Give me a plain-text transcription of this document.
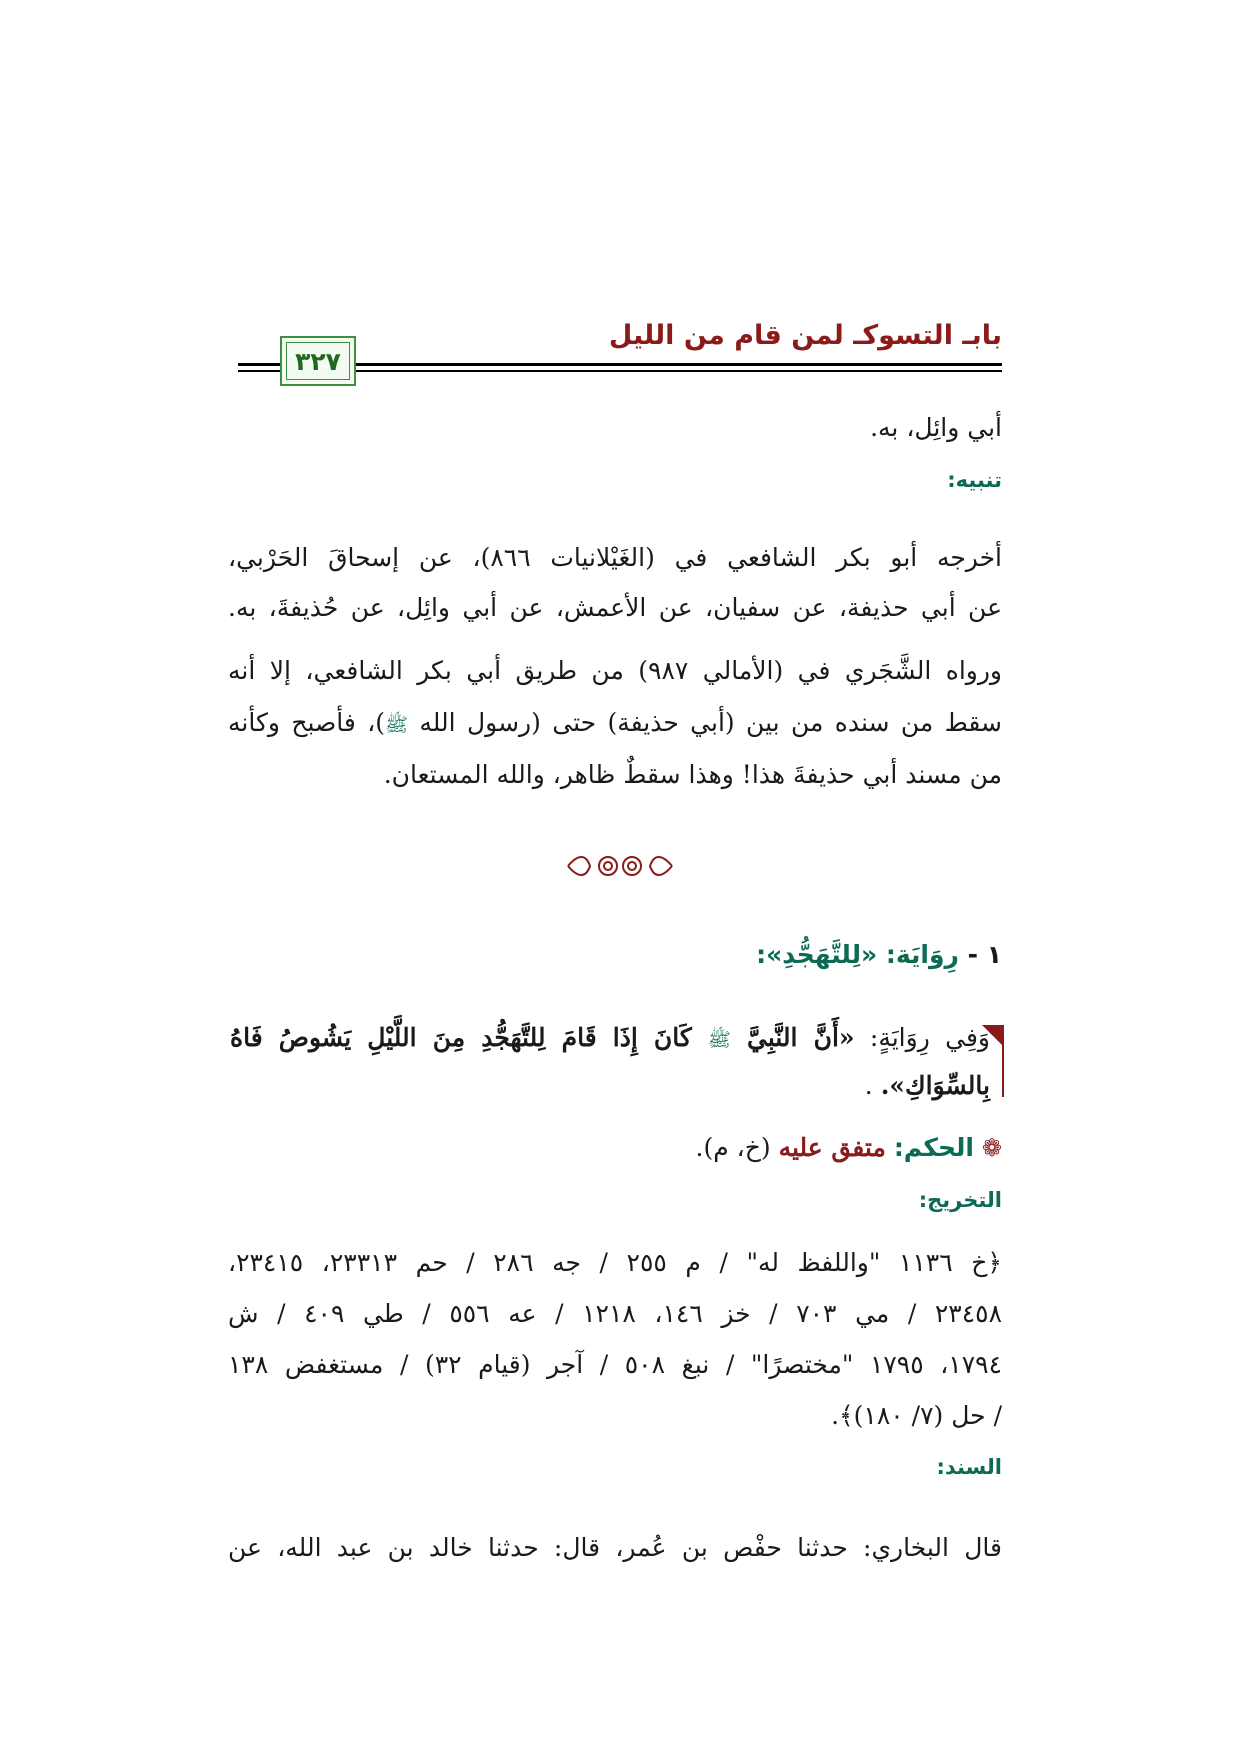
بابـ التسوكـ لمن قام من الليل
٣٢٧
أبي وائِل، به.
تنبيه:
أخرجه أبو بكر الشافعي في (الغَيْلانيات ٨٦٦)، عن إسحاقَ الحَرْبي،
عن أبي حذيفة، عن سفيان، عن الأعمش، عن أبي وائِل، عن حُذيفةَ، به.
ورواه الشَّجَري في (الأمالي ٩٨٧) من طريق أبي بكر الشافعي، إلا أنه
سقط من سنده من بين (أبي حذيفة) حتى (رسول الله ﷺ)، فأصبح وكأنه
من مسند أبي حذيفةَ هذا! وهذا سقطٌ ظاهر، والله المستعان.
١ - رِوَايَة: «لِلتَّهَجُّدِ»:
وَفِي رِوَايَةٍ: «أَنَّ النَّبِيَّ ﷺ كَانَ إِذَا قَامَ لِلتَّهَجُّدِ مِنَ اللَّيْلِ يَشُوصُ فَاهُ
بِالسِّوَاكِ». .
❁ الحكم: متفق عليه (خ، م).
التخريج:
﴿خ ١١٣٦ "واللفظ له" / م ٢٥٥ / جه ٢٨٦ / حم ٢٣٣١٣، ٢٣٤١٥،
٢٣٤٥٨ / مي ٧٠٣ / خز ١٤٦، ١٢١٨ / عه ٥٥٦ / طي ٤٠٩ / ش
١٧٩٤، ١٧٩٥ "مختصرًا" / نبغ ٥٠٨ / آجر (قيام ٣٢) / مستغفض ١٣٨
/ حل (٧/ ١٨٠)﴾.
السند:
قال البخاري: حدثنا حفْص بن عُمر، قال: حدثنا خالد بن عبد الله، عن
